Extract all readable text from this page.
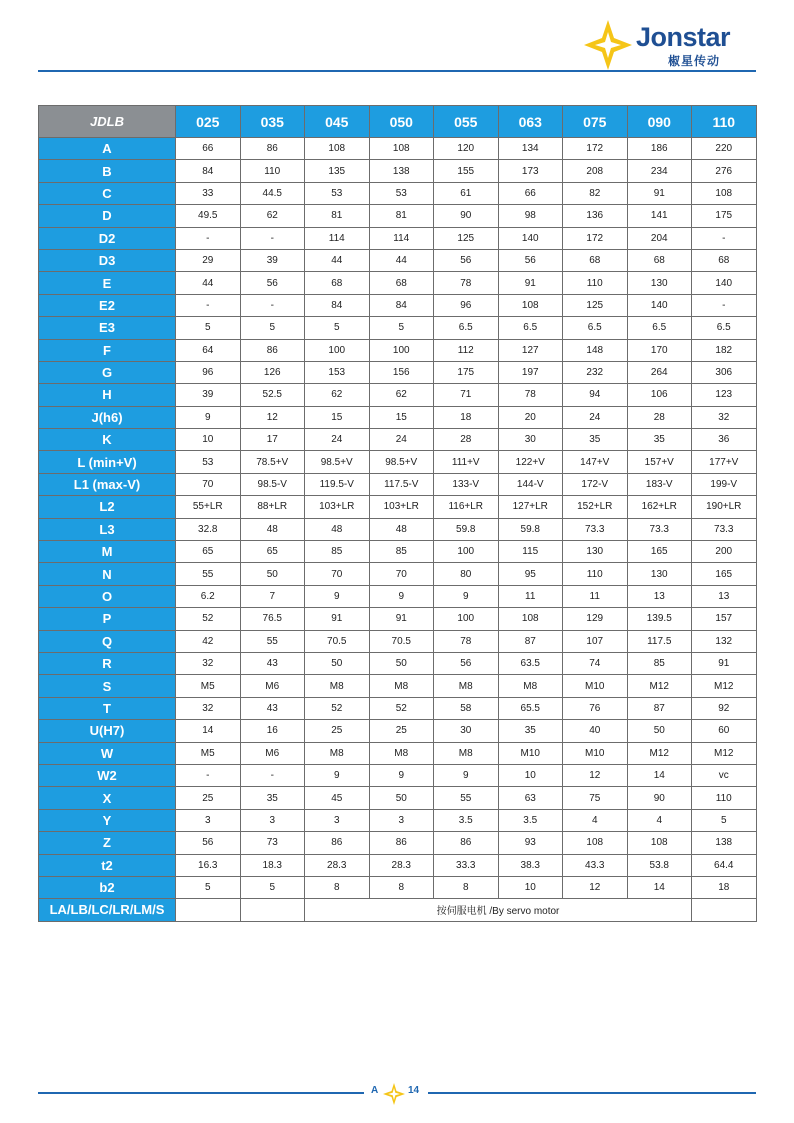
Jonstar
椒星传动
JDLB	025	035	045	050	055	063	075	090	110
A	66	86	108	108	120	134	172	186	220
B	84	110	135	138	155	173	208	234	276
C	33	44.5	53	53	61	66	82	91	108
D	49.5	62	81	81	90	98	136	141	175
D2	-	-	114	114	125	140	172	204	-
D3	29	39	44	44	56	56	68	68	68
E	44	56	68	68	78	91	110	130	140
E2	-	-	84	84	96	108	125	140	-
E3	5	5	5	5	6.5	6.5	6.5	6.5	6.5
F	64	86	100	100	112	127	148	170	182
G	96	126	153	156	175	197	232	264	306
H	39	52.5	62	62	71	78	94	106	123
J(h6)	9	12	15	15	18	20	24	28	32
K	10	17	24	24	28	30	35	35	36
L (min+V)	53	78.5+V	98.5+V	98.5+V	111+V	122+V	147+V	157+V	177+V
L1 (max-V)	70	98.5-V	119.5-V	117.5-V	133-V	144-V	172-V	183-V	199-V
L2	55+LR	88+LR	103+LR	103+LR	116+LR	127+LR	152+LR	162+LR	190+LR
L3	32.8	48	48	48	59.8	59.8	73.3	73.3	73.3
M	65	65	85	85	100	115	130	165	200
N	55	50	70	70	80	95	110	130	165
O	6.2	7	9	9	9	11	11	13	13
P	52	76.5	91	91	100	108	129	139.5	157
Q	42	55	70.5	70.5	78	87	107	117.5	132
R	32	43	50	50	56	63.5	74	85	91
S	M5	M6	M8	M8	M8	M8	M10	M12	M12
T	32	43	52	52	58	65.5	76	87	92
U(H7)	14	16	25	25	30	35	40	50	60
W	M5	M6	M8	M8	M8	M10	M10	M12	M12
W2	-	-	9	9	9	10	12	14	vc
X	25	35	45	50	55	63	75	90	110
Y	3	3	3	3	3.5	3.5	4	4	5
Z	56	73	86	86	86	93	108	108	138
t2	16.3	18.3	28.3	28.3	33.3	38.3	43.3	53.8	64.4
b2	5	5	8	8	8	10	12	14	18
LA/LB/LC/LR/LM/S			按伺服电机 /By servo motor						
A	14
